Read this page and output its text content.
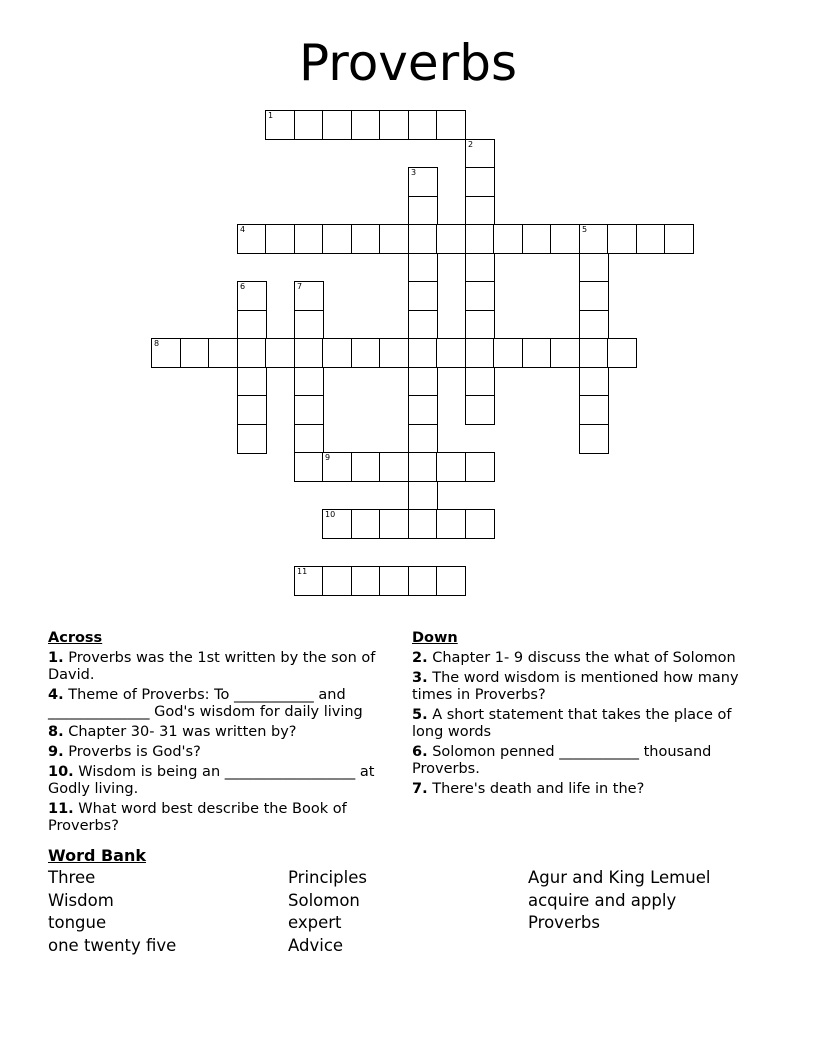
Proverbs
1
2
3
4	5
6	7
8
9
10
11
Across
1. Proverbs was the 1st written by the son of David.
4. Theme of Proverbs: To ___________ and ______________ God's wisdom for daily living
8. Chapter 30- 31 was written by?
9. Proverbs is God's?
10. Wisdom is being an __________________ at Godly living.
11. What word best describe the Book of Proverbs?
Down
2. Chapter 1- 9 discuss the what of Solomon
3. The word wisdom is mentioned how many times in Proverbs?
5. A short statement that takes the place of long words
6. Solomon penned ___________ thousand Proverbs.
7. There's death and life in the?
Word Bank
Three
Wisdom
tongue
one twenty five
Principles
Solomon
expert
Advice
Agur and King Lemuel
acquire and apply
Proverbs
